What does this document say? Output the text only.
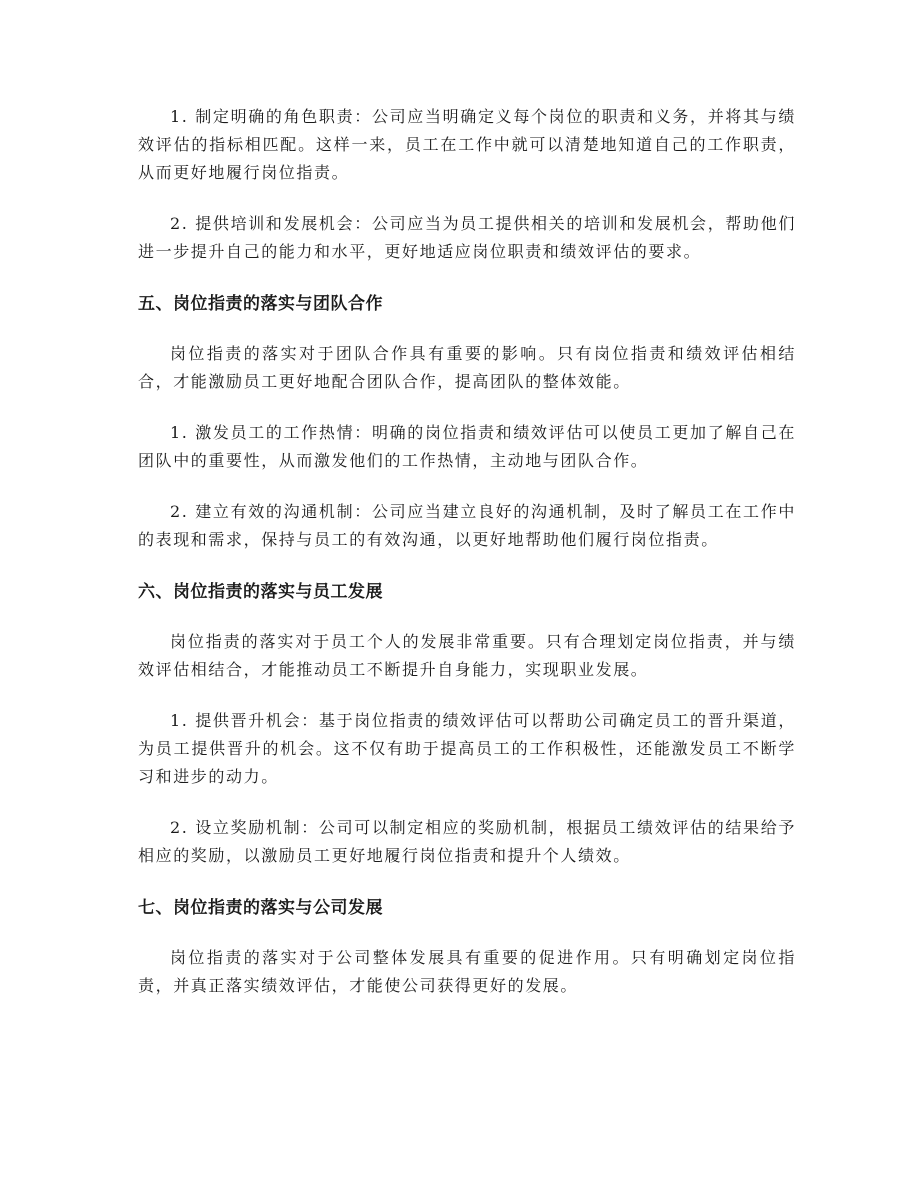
1. 制定明确的角色职责：公司应当明确定义每个岗位的职责和义务，并将其与绩效评估的指标相匹配。这样一来，员工在工作中就可以清楚地知道自己的工作职责，从而更好地履行岗位指责。

2. 提供培训和发展机会：公司应当为员工提供相关的培训和发展机会，帮助他们进一步提升自己的能力和水平，更好地适应岗位职责和绩效评估的要求。

五、岗位指责的落实与团队合作

岗位指责的落实对于团队合作具有重要的影响。只有岗位指责和绩效评估相结合，才能激励员工更好地配合团队合作，提高团队的整体效能。

1. 激发员工的工作热情：明确的岗位指责和绩效评估可以使员工更加了解自己在团队中的重要性，从而激发他们的工作热情，主动地与团队合作。

2. 建立有效的沟通机制：公司应当建立良好的沟通机制，及时了解员工在工作中的表现和需求，保持与员工的有效沟通，以更好地帮助他们履行岗位指责。

六、岗位指责的落实与员工发展

岗位指责的落实对于员工个人的发展非常重要。只有合理划定岗位指责，并与绩效评估相结合，才能推动员工不断提升自身能力，实现职业发展。

1. 提供晋升机会：基于岗位指责的绩效评估可以帮助公司确定员工的晋升渠道，为员工提供晋升的机会。这不仅有助于提高员工的工作积极性，还能激发员工不断学习和进步的动力。

2. 设立奖励机制：公司可以制定相应的奖励机制，根据员工绩效评估的结果给予相应的奖励，以激励员工更好地履行岗位指责和提升个人绩效。

七、岗位指责的落实与公司发展

岗位指责的落实对于公司整体发展具有重要的促进作用。只有明确划定岗位指责，并真正落实绩效评估，才能使公司获得更好的发展。
